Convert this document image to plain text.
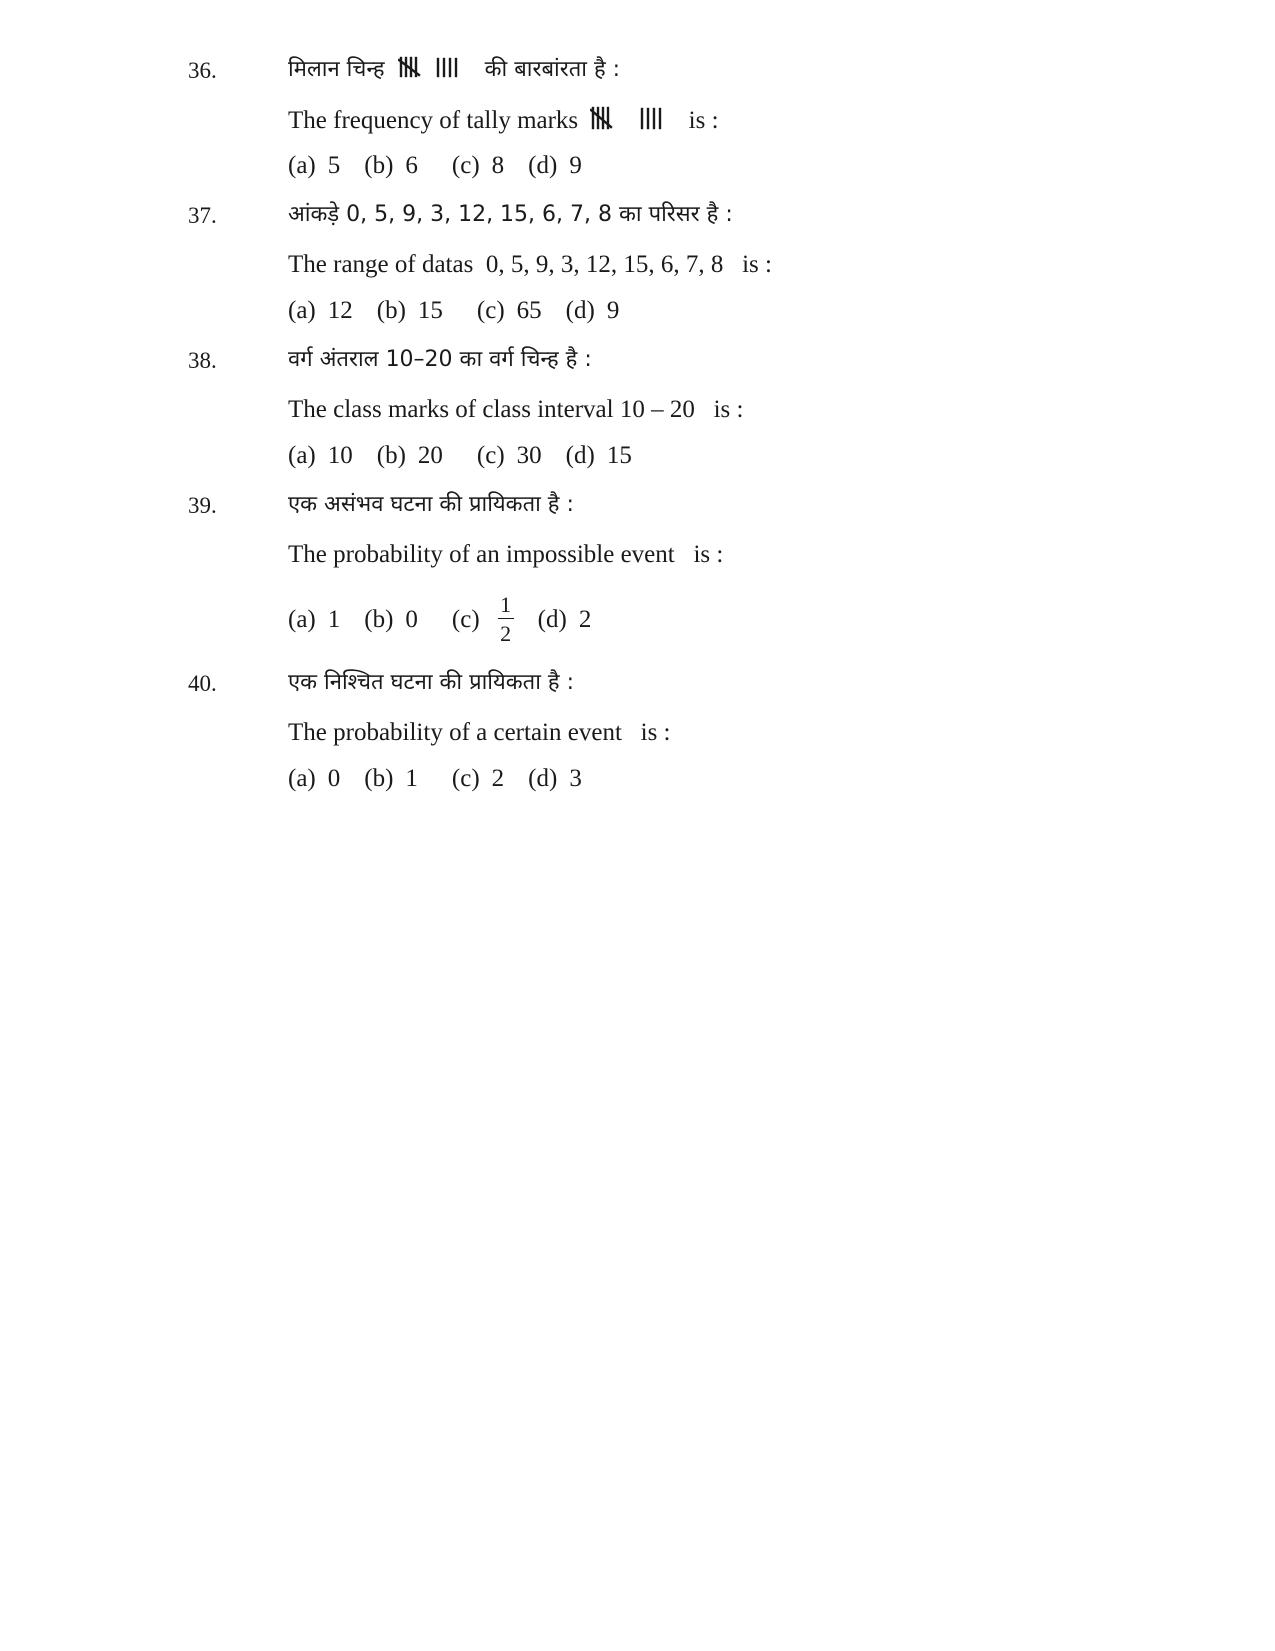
36.	मिलान चिन्ह	की बारबांरता है :
The frequency of tally marks	is :
(a) 5 (b) 6 (c) 8 (d) 9
37.	आंकड़े 0, 5, 9, 3, 12, 15, 6, 7, 8 का परिसर है :
The range of datas  0, 5, 9, 3, 12, 15, 6, 7, 8   is :
(a) 12 (b) 15 (c) 65 (d) 9
38.	वर्ग अंतराल 10–20 का वर्ग चिन्ह है :
The class marks of class interval 10 – 20   is :
(a) 10 (b) 20 (c) 30 (d) 15
39.	एक असंभव घटना की प्रायिकता है :
The probability of an impossible event   is :
(a) 1 (b) 0 $(c) \frac{1}{2} (d)$ 2
40.	एक निश्चित घटना की प्रायिकता है :
The probability of a certain event   is :
(a) 0 (b) 1 (c) 2 (d) 3
